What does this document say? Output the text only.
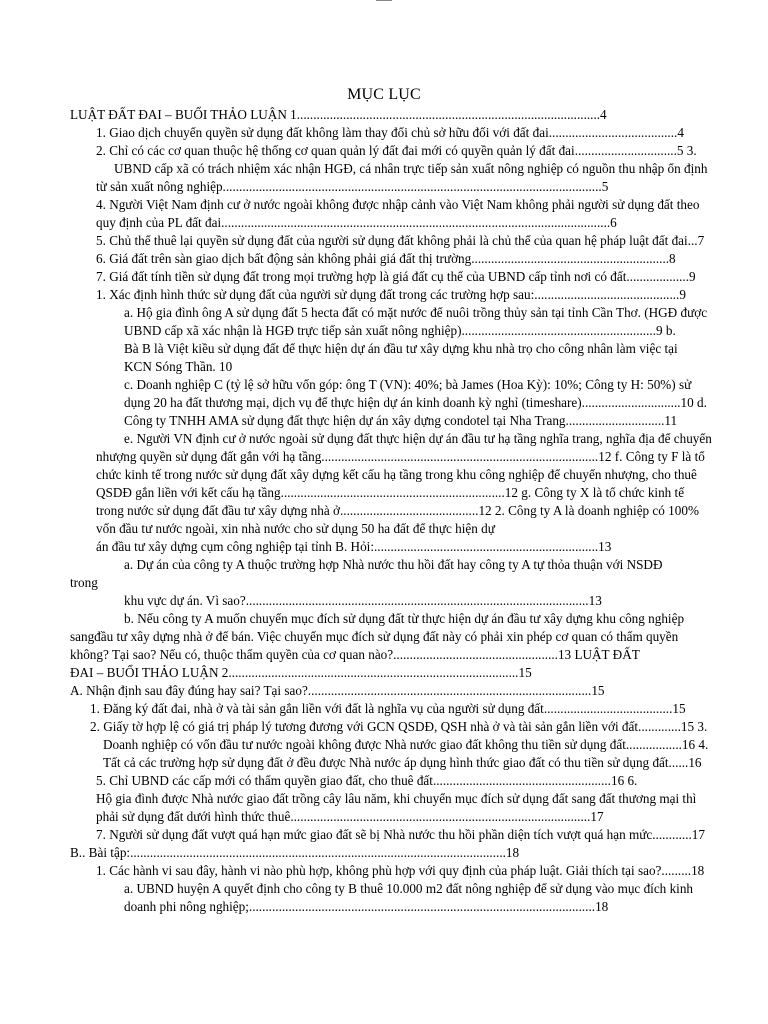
MỤC LỤC
LUẬT ĐẤT ĐAI – BUỔI THẢO LUẬN 1............................................................................................4
1. Giao dịch chuyển quyền sử dụng đất không làm thay đổi chủ sở hữu đối với đất đai.......................................4
2. Chỉ có các cơ quan thuộc hệ thống cơ quan quản lý đất đai mới có quyền quản lý đất đai...............................5 3.
UBND cấp xã có trách nhiệm xác nhận HGĐ, cá nhân trực tiếp sản xuất nông nghiệp có nguồn thu nhập ổn định
từ sản xuất nông nghiệp...................................................................................................................5
4. Người Việt Nam định cư ở nước ngoài không được nhập cảnh vào Việt Nam không phải người sử dụng đất theo
quy định của PL đất đai......................................................................................................................6
5. Chủ thể thuê lại quyền sử dụng đất của người sử dụng đất không phải là chủ thể của quan hệ pháp luật đất đai...7
6. Giá đất trên sàn giao dịch bất động sản không phải giá đất thị trường............................................................8
7. Giá đất tính tiền sử dụng đất trong mọi trường hợp là giá đất cụ thể của UBND cấp tỉnh nơi có đất...................9
1. Xác định hình thức sử dụng đất của người sử dụng đất trong các trường hợp sau:............................................9
a. Hộ gia đình ông A sử dụng đất 5 hecta đất có mặt nước để nuôi trồng thủy sản tại tỉnh Cần Thơ. (HGĐ được
UBND cấp xã xác nhận là HGĐ trực tiếp sản xuất nông nghiệp)...........................................................9 b.
Bà B là Việt kiều sử dụng đất để thực hiện dự án đầu tư xây dựng khu nhà trọ cho công nhân làm việc tại
KCN Sóng Thần. 10
c. Doanh nghiệp C (tỷ lệ sở hữu vốn góp: ông T (VN): 40%; bà James (Hoa Kỳ): 10%; Công ty H: 50%) sử
dụng 20 ha đất thương mại, dịch vụ để thực hiện dự án kinh doanh kỳ nghỉ (timeshare)..............................10 d.
Công ty TNHH AMA sử dụng đất thực hiện dự án xây dựng condotel tại Nha Trang..............................11
e. Người VN định cư ở nước ngoài sử dụng đất thực hiện dự án đầu tư hạ tầng nghĩa trang, nghĩa địa để chuyển
nhượng quyền sử dụng đất gắn với hạ tầng....................................................................................12 f. Công ty F là tổ
chức kinh tế trong nước sử dụng đất xây dựng kết cấu hạ tầng trong khu công nghiệp để chuyển nhượng, cho thuê
QSDĐ gắn liền với kết cấu hạ tầng....................................................................12 g. Công ty X là tổ chức kinh tế
trong nước sử dụng đất đầu tư xây dựng nhà ở..........................................12 2. Công ty A là doanh nghiệp có 100%
vốn đầu tư nước ngoài, xin nhà nước cho sử dụng 50 ha đất để thực hiện dự
án đầu tư xây dựng cụm công nghiệp tại tỉnh B. Hỏi:....................................................................13
a. Dự án của công ty A thuộc trường hợp Nhà nước thu hồi đất hay công ty A tự thỏa thuận với NSDĐ
trong
khu vực dự án. Vì sao?........................................................................................................13
b. Nếu công ty A muốn chuyển mục đích sử dụng đất từ thực hiện dự án đầu tư xây dựng khu công nghiệp
sangđầu tư xây dựng nhà ở để bán. Việc chuyển mục đích sử dụng đất này có phải xin phép cơ quan có thẩm quyền
không? Tại sao? Nếu có, thuộc thẩm quyền của cơ quan nào?..................................................13 LUẬT ĐẤT
ĐAI – BUỔI THẢO LUẬN 2........................................................................................15
A. Nhận định sau đây đúng hay sai? Tại sao?......................................................................................15
1. Đăng ký đất đai, nhà ở và tài sản gắn liền với đất là nghĩa vụ của người sử dụng đất.......................................15
2. Giấy tờ hợp lệ có giá trị pháp lý tương đương với GCN QSDĐ, QSH nhà ở và tài sản gắn liền với đất.............15 3.
Doanh nghiệp có vốn đầu tư nước ngoài không được Nhà nước giao đất không thu tiền sử dụng đất.................16 4.
Tất cả các trường hợp sử dụng đất ở đều được Nhà nước áp dụng hình thức giao đất có thu tiền sử dụng đất......16
5. Chỉ UBND các cấp mới có thẩm quyền giao đất, cho thuê đất......................................................16 6.
Hộ gia đình được Nhà nước giao đất trồng cây lâu năm, khi chuyển mục đích sử dụng đất sang đất thương mại thì
phải sử dụng đất dưới hình thức thuê...........................................................................................17
7. Người sử dụng đất vượt quá hạn mức giao đất sẽ bị Nhà nước thu hồi phần diện tích vượt quá hạn mức............17
B.. Bài tập:..................................................................................................................18
1. Các hành vi sau đây, hành vi nào phù hợp, không phù hợp với quy định của pháp luật. Giải thích tại sao?.........18
a. UBND huyện A quyết định cho công ty B thuê 10.000 m2 đất nông nghiệp để sử dụng vào mục đích kinh
doanh phi nông nghiệp;.........................................................................................................18
